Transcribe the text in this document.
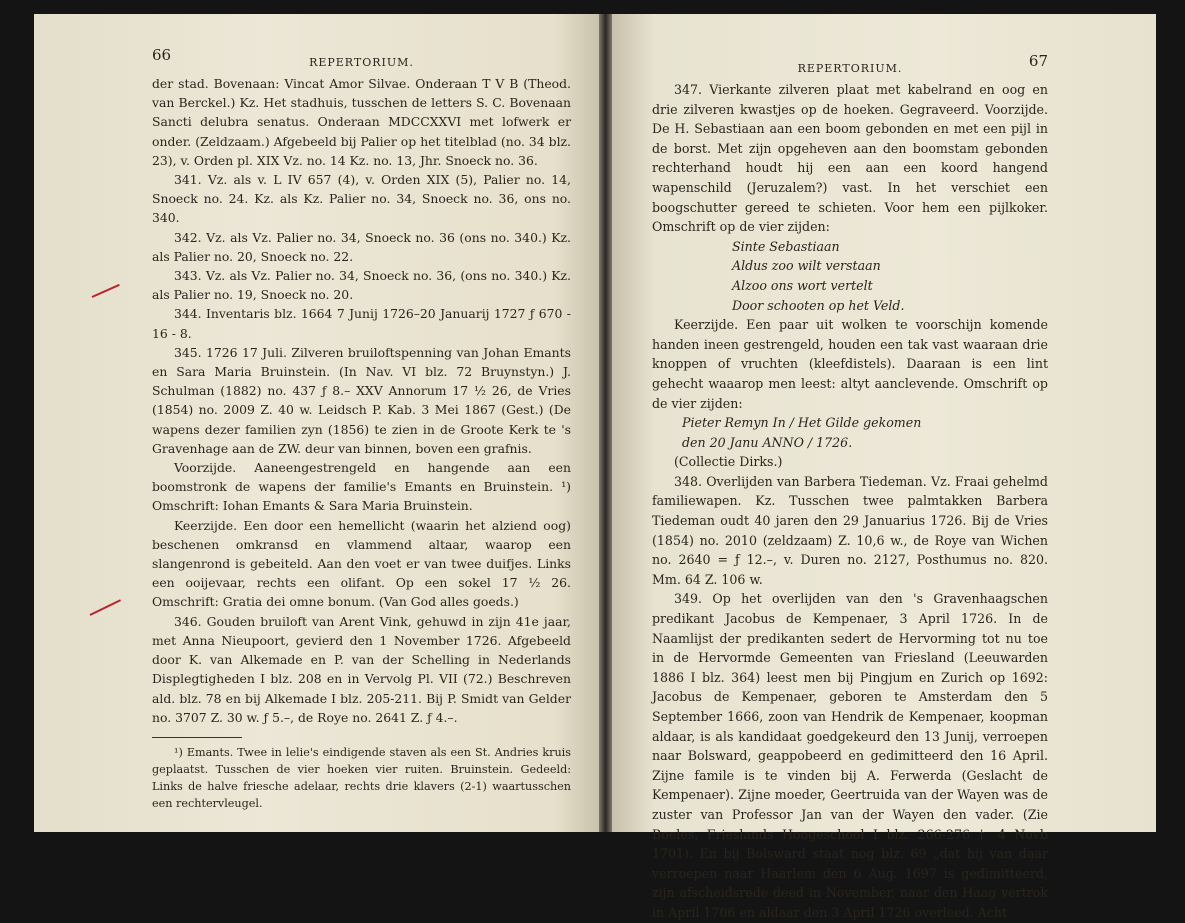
66	REPERTORIUM.

der stad. Bovenaan: Vincat Amor Silvae. Onderaan T V B (Theod. van Berckel.) Kz. Het stadhuis, tusschen de letters S. C. Bovenaan Sancti delubra senatus. Onderaan MDCCXXVI met lofwerk er onder. (Zeldzaam.) Afgebeeld bij Palier op het titelblad (no. 34 blz. 23), v. Orden pl. XIX Vz. no. 14 Kz. no. 13, Jhr. Snoeck no. 36.

341. Vz. als v. L IV 657 (4), v. Orden XIX (5), Palier no. 14, Snoeck no. 24. Kz. als Kz. Palier no. 34, Snoeck no. 36, ons no. 340.

342. Vz. als Vz. Palier no. 34, Snoeck no. 36 (ons no. 340.) Kz. als Palier no. 20, Snoeck no. 22.

343. Vz. als Vz. Palier no. 34, Snoeck no. 36, (ons no. 340.) Kz. als Palier no. 19, Snoeck no. 20.

344. Inventaris blz. 1664 7 Junij 1726–20 Januarij 1727 ƒ 670 - 16 - 8.

345. 1726 17 Juli. Zilveren bruiloftspenning van Johan Emants en Sara Maria Bruinstein. (In Nav. VI blz. 72 Bruynstyn.) J. Schulman (1882) no. 437 ƒ 8.– XXV Annorum 17 ½ 26, de Vries (1854) no. 2009 Z. 40 w. Leidsch P. Kab. 3 Mei 1867 (Gest.) (De wapens dezer familien zyn (1856) te zien in de Groote Kerk te 's Gravenhage aan de ZW. deur van binnen, boven een grafnis.

Voorzijde. Aaneengestrengeld en hangende aan een boomstronk de wapens der familie's Emants en Bruinstein. ¹) Omschrift: Iohan Emants & Sara Maria Bruinstein.

Keerzijde. Een door een hemellicht (waarin het alziend oog) beschenen omkransd en vlammend altaar, waarop een slangenrond is gebeiteld. Aan den voet er van twee duifjes. Links een ooijevaar, rechts een olifant. Op een sokel 17 ½ 26. Omschrift: Gratia dei omne bonum. (Van God alles goeds.)

346. Gouden bruiloft van Arent Vink, gehuwd in zijn 41e jaar, met Anna Nieupoort, gevierd den 1 November 1726. Afgebeeld door K. van Alkemade en P. van der Schelling in Nederlands Displegtigheden I blz. 208 en in Vervolg Pl. VII (72.) Beschreven ald. blz. 78 en bij Alkemade I blz. 205-211. Bij P. Smidt van Gelder no. 3707 Z. 30 w. ƒ 5.–, de Roye no. 2641 Z. ƒ 4.–.

¹) Emants. Twee in lelie's eindigende staven als een St. Andries kruis geplaatst. Tusschen de vier hoeken vier ruiten. Bruinstein. Gedeeld: Links de halve friesche adelaar, rechts drie klavers (2-1) waartusschen een rechtervleugel.

REPERTORIUM.	67

347. Vierkante zilveren plaat met kabelrand en oog en drie zilveren kwastjes op de hoeken. Gegraveerd. Voorzijde. De H. Sebastiaan aan een boom gebonden en met een pijl in de borst. Met zijn opgeheven aan den boomstam gebonden rechterhand houdt hij een aan een koord hangend wapenschild (Jeruzalem?) vast. In het verschiet een boogschutter gereed te schieten. Voor hem een pijlkoker. Omschrift op de vier zijden:

Sinte Sebastiaan

Aldus zoo wilt verstaan

Alzoo ons wort vertelt

Door schooten op het Veld.

Keerzijde. Een paar uit wolken te voorschijn komende handen ineen gestrengeld, houden een tak vast waaraan drie knoppen of vruchten (kleefdistels). Daaraan is een lint gehecht waaarop men leest: altyt aanclevende. Omschrift op de vier zijden:

Pieter Remyn In / Het Gilde gekomen

den 20 Janu ANNO / 1726.

(Collectie Dirks.)

348. Overlijden van Barbera Tiedeman. Vz. Fraai gehelmd familiewapen. Kz. Tusschen twee palmtakken Barbera Tiedeman oudt 40 jaren den 29 Januarius 1726. Bij de Vries (1854) no. 2010 (zeldzaam) Z. 10,6 w., de Roye van Wichen no. 2640 = ƒ 12.–, v. Duren no. 2127, Posthumus no. 820. Mm. 64 Z. 106 w.

349. Op het overlijden van den 's Gravenhaagschen predikant Jacobus de Kempenaer, 3 April 1726. In de Naamlijst der predikanten sedert de Hervorming tot nu toe in de Hervormde Gemeenten van Friesland (Leeuwarden 1886 I blz. 364) leest men bij Pingjum en Zurich op 1692: Jacobus de Kempenaer, geboren te Amsterdam den 5 September 1666, zoon van Hendrik de Kempenaer, koopman aldaar, is als kandidaat goedgekeurd den 13 Junij, verroepen naar Bolsward, geappobeerd en gedimitteerd den 16 April. Zijne famile is te vinden bij A. Ferwerda (Geslacht de Kempenaer). Zijne moeder, Geertruida van der Wayen was de zuster van Professor Jan van der Wayen den vader. (Zie Boeles, Frieslands Hoogeschool I blz. 266-276 † 4 Novb 1701). En bij Bolsward staat nog blz. 69 „dat hij van daar verroepen naar Haarlem den 6 Aug. 1697 is gedimitteerd, zijn afscheidsrede deed in November, naar den Haag vertrok in April 1706 en aldaar den 3 April 1726 overleed. Acht
